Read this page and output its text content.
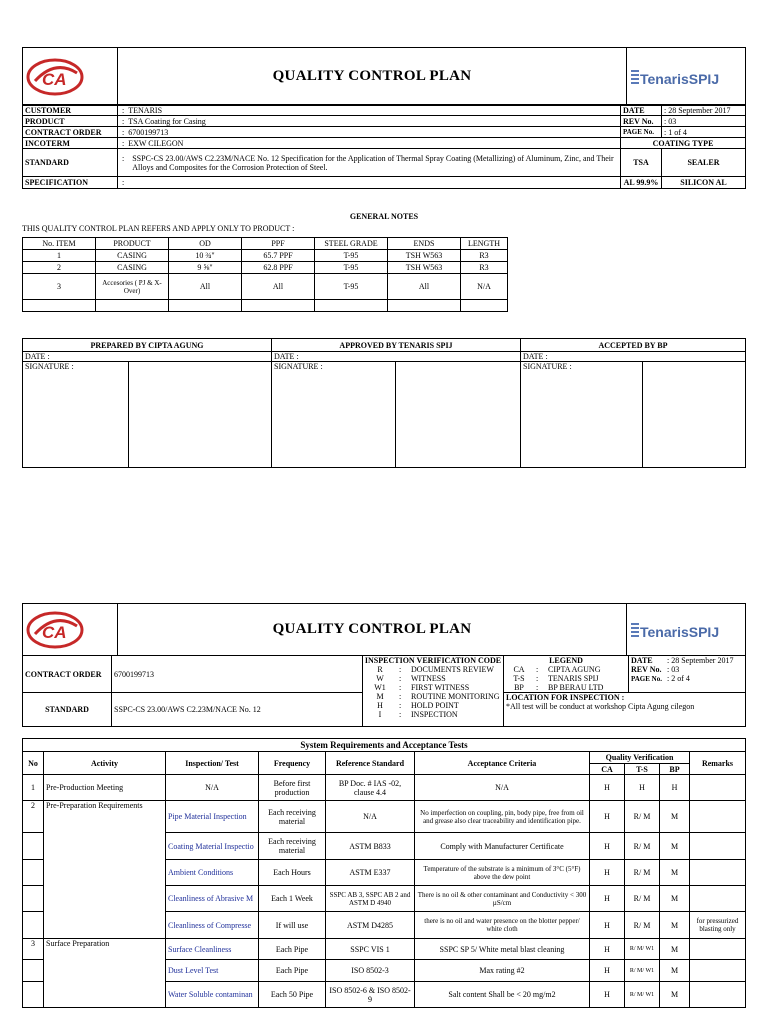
CA	QUALITY CONTROL PLAN	TenarisSPIJ
CUSTOMER	:  TENARIS	DATE	: 28 September 2017
PRODUCT	:  TSA Coating for Casing	REV No.	: 03
CONTRACT ORDER	:  6700199713	PAGE No.	: 1 of 4
INCOTERM	:  EXW CILEGON	COATING TYPE	
STANDARD	: SSPC-CS 23.00/AWS C2.23M/NACE No. 12 Specification for the Application of Thermal Spray Coating (Metallizing) of Aluminum, Zinc, and Their Alloys and Composites for the Corrosion Protection of Steel.	TSA	SEALER
SPECIFICATION	:	AL 99.9%	SILICON AL
GENERAL NOTES
THIS QUALITY CONTROL PLAN REFERS AND APPLY ONLY TO PRODUCT :
No. ITEM	PRODUCT	OD	PPF	STEEL GRADE	ENDS	LENGTH
1	CASING	10 ¾"	65.7 PPF	T-95	TSH W563	R3
2	CASING	9 ⅝"	62.8 PPF	T-95	TSH W563	R3
3	Accesories ( PJ & X-Over)	All	All	T-95	All	N/A

PREPARED BY CIPTA AGUNG		APPROVED BY TENARIS SPIJ		ACCEPTED BY BP	
DATE :		DATE :		DATE :	
SIGNATURE :		SIGNATURE :		SIGNATURE :	
CA	QUALITY CONTROL PLAN	TenarisSPIJ
CONTRACT ORDER	6700199713	
INSPECTION VERIFICATION CODE
R	:	DOCUMENTS REVIEW
W	:	WITNESS
W1	:	FIRST WITNESS
M	:	ROUTINE MONITORING
H	:	HOLD POINT
I	:	INSPECTION

LEGEND
CA	:	CIPTA AGUNG
T-S	:	TENARIS SPIJ
BP	:	BP BERAU LTD

DATE	: 28 September 2017
REV No.	: 03
PAGE No.	: 2 of 4

STANDARD	SSPC-CS 23.00/AWS C2.23M/NACE No. 12	
LOCATION FOR INSPECTION :
*All test will be conduct at workshop Cipta Agung cilegon
System Requirements and Acceptance Tests									
No	Activity	Inspection/ Test	Frequency	Reference Standard	Acceptance Criteria	Quality Verification			Remarks
						CA	T-S	BP	
1	Pre-Production Meeting	N/A	Before first production	BP Doc. # IAS -02, clause 4.4	N/A	H	H	H	
2	Pre-Preparation Requirements	Pipe Material Inspection	Each receiving material	N/A	No imperfection on coupling, pin, body pipe, free from oil and grease also clear traceability and identification pipe.	H	R/ M	M	
		Coating Material Inspectio	Each receiving material	ASTM B833	Comply with Manufacturer Certificate	H	R/ M	M	
		Ambient Conditions	Each Hours	ASTM E337	Temperature of the substrate is a minimum of 3°C (5°F) above the dew point	H	R/ M	M	
		Cleanliness of Abrasive M	Each 1 Week	SSPC AB 3, SSPC AB 2 and ASTM D 4940	There is no oil & other contaminant and Conductivity < 300 µS/cm	H	R/ M	M	
		Cleanliness of Compresse	If will use	ASTM D4285	there is no oil and water presence on the blotter pepper/ white cloth	H	R/ M	M	for pressurized blasting only
3	Surface Preparation	Surface Cleanliness	Each Pipe	SSPC VIS 1	SSPC SP 5/ White metal blast cleaning	H	R/ M/ W1	M	
		Dust Level Test	Each Pipe	ISO 8502-3	Max rating #2	H	R/ M/ W1	M	
		Water Soluble contaminan	Each 50 Pipe	ISO 8502-6 & ISO 8502-9	Salt content Shall be < 20 mg/m2	H	R/ M/ W1	M	
